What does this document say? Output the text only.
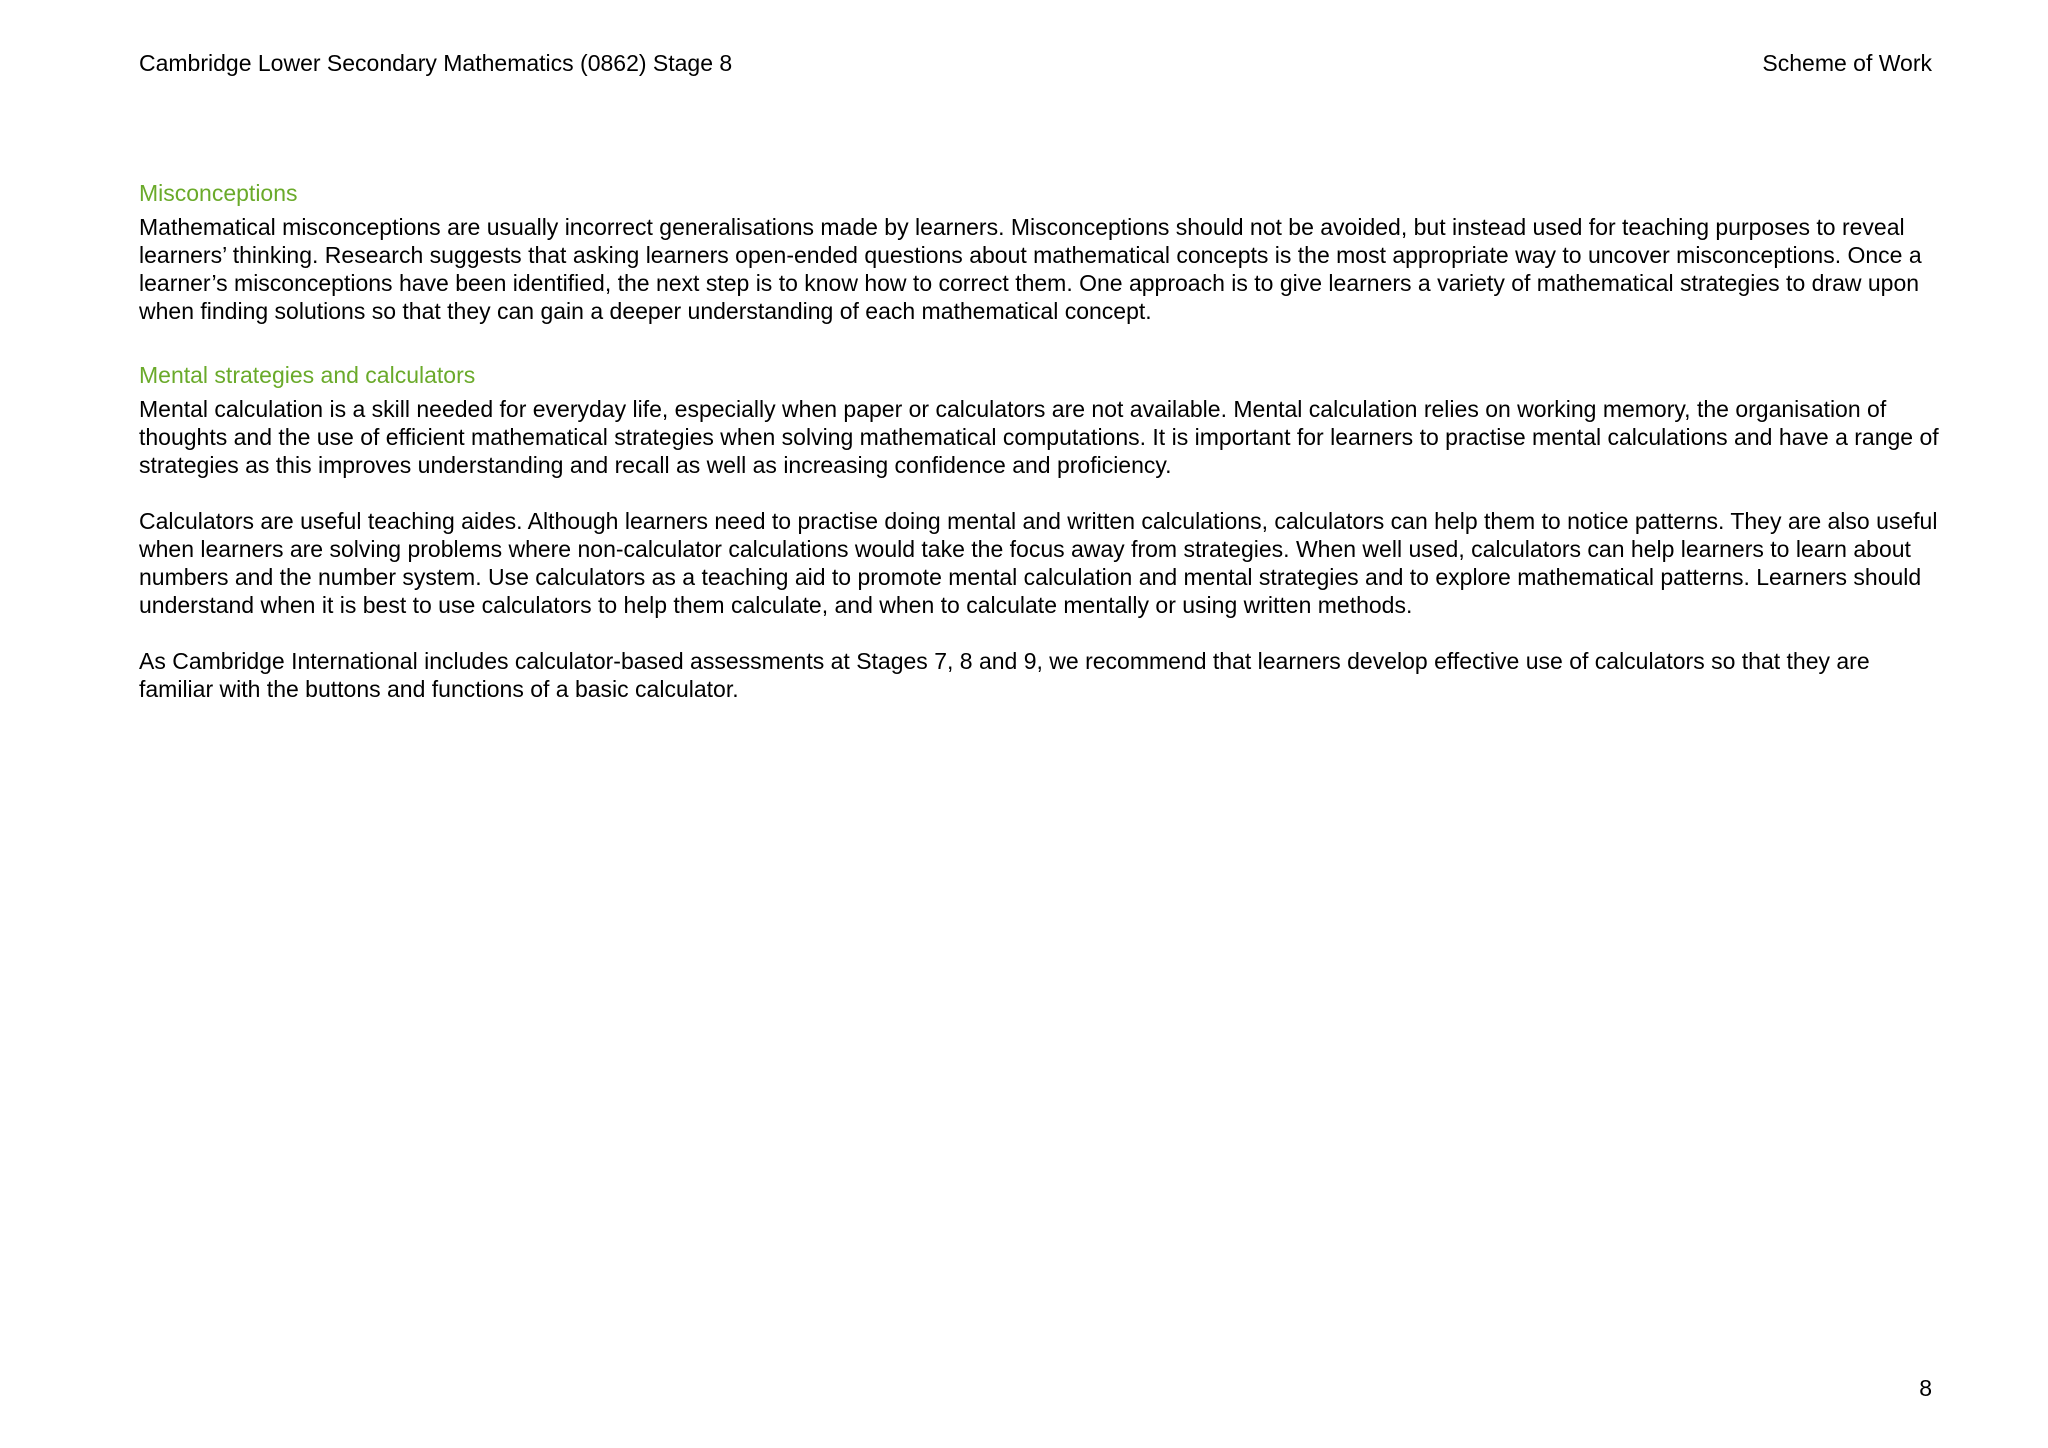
Cambridge Lower Secondary Mathematics (0862) Stage 8	Scheme of Work
Misconceptions

Mathematical misconceptions are usually incorrect generalisations made by learners. Misconceptions should not be avoided, but instead used for teaching purposes to reveal learners’ thinking. Research suggests that asking learners open-ended questions about mathematical concepts is the most appropriate way to uncover misconceptions. Once a learner’s misconceptions have been identified, the next step is to know how to correct them. One approach is to give learners a variety of mathematical strategies to draw upon when finding solutions so that they can gain a deeper understanding of each mathematical concept.

Mental strategies and calculators

Mental calculation is a skill needed for everyday life, especially when paper or calculators are not available. Mental calculation relies on working memory, the organisation of thoughts and the use of efficient mathematical strategies when solving mathematical computations. It is important for learners to practise mental calculations and have a range of strategies as this improves understanding and recall as well as increasing confidence and proficiency.

Calculators are useful teaching aides. Although learners need to practise doing mental and written calculations, calculators can help them to notice patterns. They are also useful when learners are solving problems where non-calculator calculations would take the focus away from strategies. When well used, calculators can help learners to learn about numbers and the number system. Use calculators as a teaching aid to promote mental calculation and mental strategies and to explore mathematical patterns. Learners should understand when it is best to use calculators to help them calculate, and when to calculate mentally or using written methods.

As Cambridge International includes calculator-based assessments at Stages 7, 8 and 9, we recommend that learners develop effective use of calculators so that they are familiar with the buttons and functions of a basic calculator.

8
